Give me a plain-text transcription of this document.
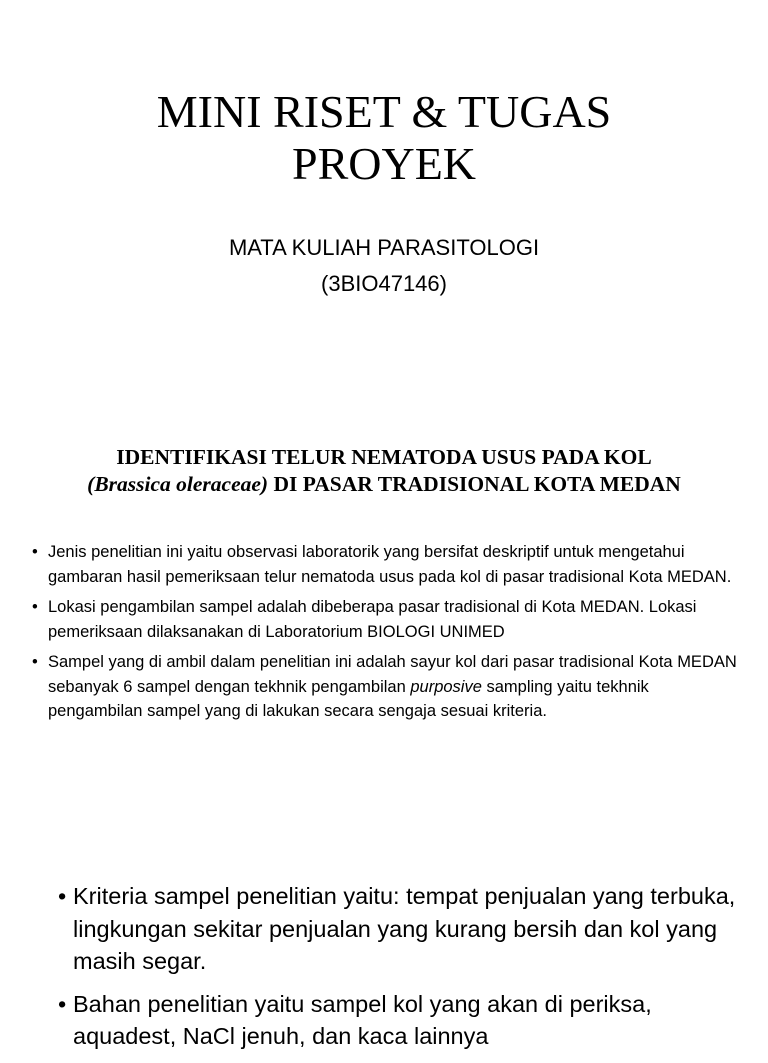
MINI RISET & TUGAS
PROYEK
MATA KULIAH PARASITOLOGI
(3BIO47146)
IDENTIFIKASI TELUR NEMATODA USUS PADA KOL
(Brassica oleraceae) DI PASAR TRADISIONAL KOTA MEDAN
• Jenis penelitian ini yaitu observasi laboratorik yang bersifat deskriptif untuk mengetahui gambaran hasil pemeriksaan telur nematoda usus pada kol di pasar tradisional Kota MEDAN.
• Lokasi pengambilan sampel adalah dibeberapa pasar tradisional di Kota MEDAN. Lokasi pemeriksaan dilaksanakan di Laboratorium BIOLOGI UNIMED
• Sampel yang di ambil dalam penelitian ini adalah sayur kol dari pasar tradisional Kota MEDAN sebanyak 6 sampel dengan tekhnik pengambilan purposive sampling yaitu tekhnik pengambilan sampel yang di lakukan secara sengaja sesuai kriteria.
• Kriteria sampel penelitian yaitu: tempat penjualan yang terbuka, lingkungan sekitar penjualan yang kurang bersih dan kol yang masih segar.
• Bahan penelitian yaitu sampel kol yang akan di periksa, aquadest, NaCl jenuh, dan kaca lainnya
